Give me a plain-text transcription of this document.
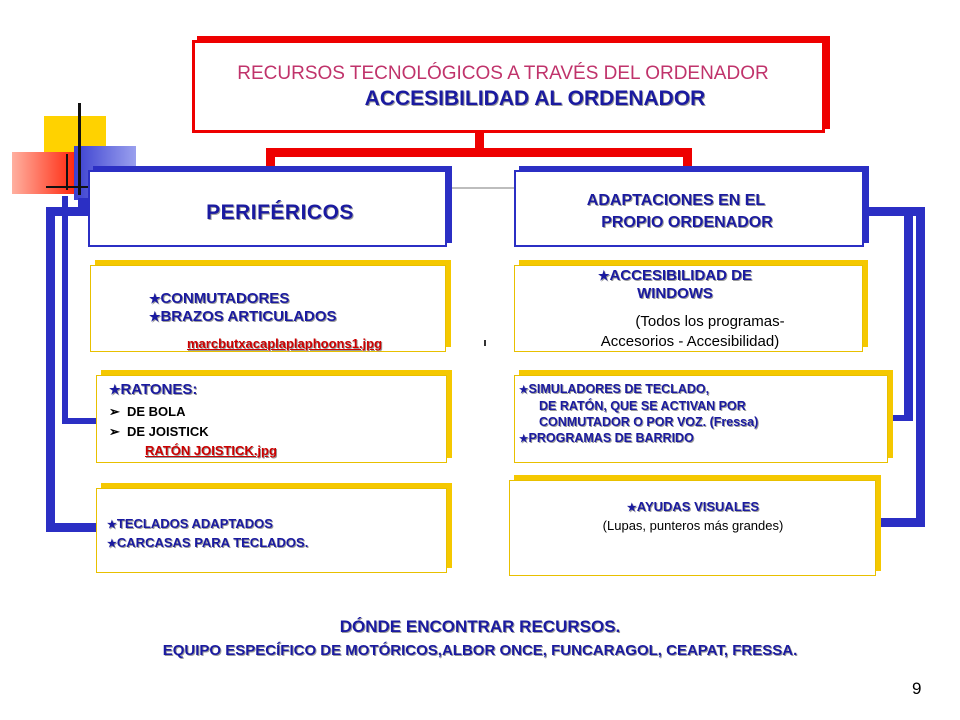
RECURSOS TECNOLÓGICOS A TRAVÉS DEL ORDENADOR
ACCESIBILIDAD AL ORDENADOR
PERIFÉRICOS
★CONMUTADORES
★BRAZOS ARTICULADOS
marcbutxacaplaplaphoons1.jpg
★RATONES:
➢ DE BOLA
➢ DE JOISTICK
RATÓN JOISTICK.jpg
★TECLADOS ADAPTADOS
★CARCASAS PARA TECLADOS.
ADAPTACIONES EN EL
PROPIO ORDENADOR
★ACCESIBILIDAD DE
WINDOWS
(Todos los programas-
Accesorios - Accesibilidad)
★SIMULADORES DE TECLADO,
DE RATÓN, QUE SE ACTIVAN POR
CONMUTADOR O POR VOZ. (Fressa)
★PROGRAMAS DE BARRIDO
★AYUDAS VISUALES
(Lupas, punteros más grandes)
DÓNDE ENCONTRAR RECURSOS.
EQUIPO ESPECÍFICO DE MOTÓRICOS,ALBOR ONCE, FUNCARAGOL, CEAPAT, FRESSA.
9
